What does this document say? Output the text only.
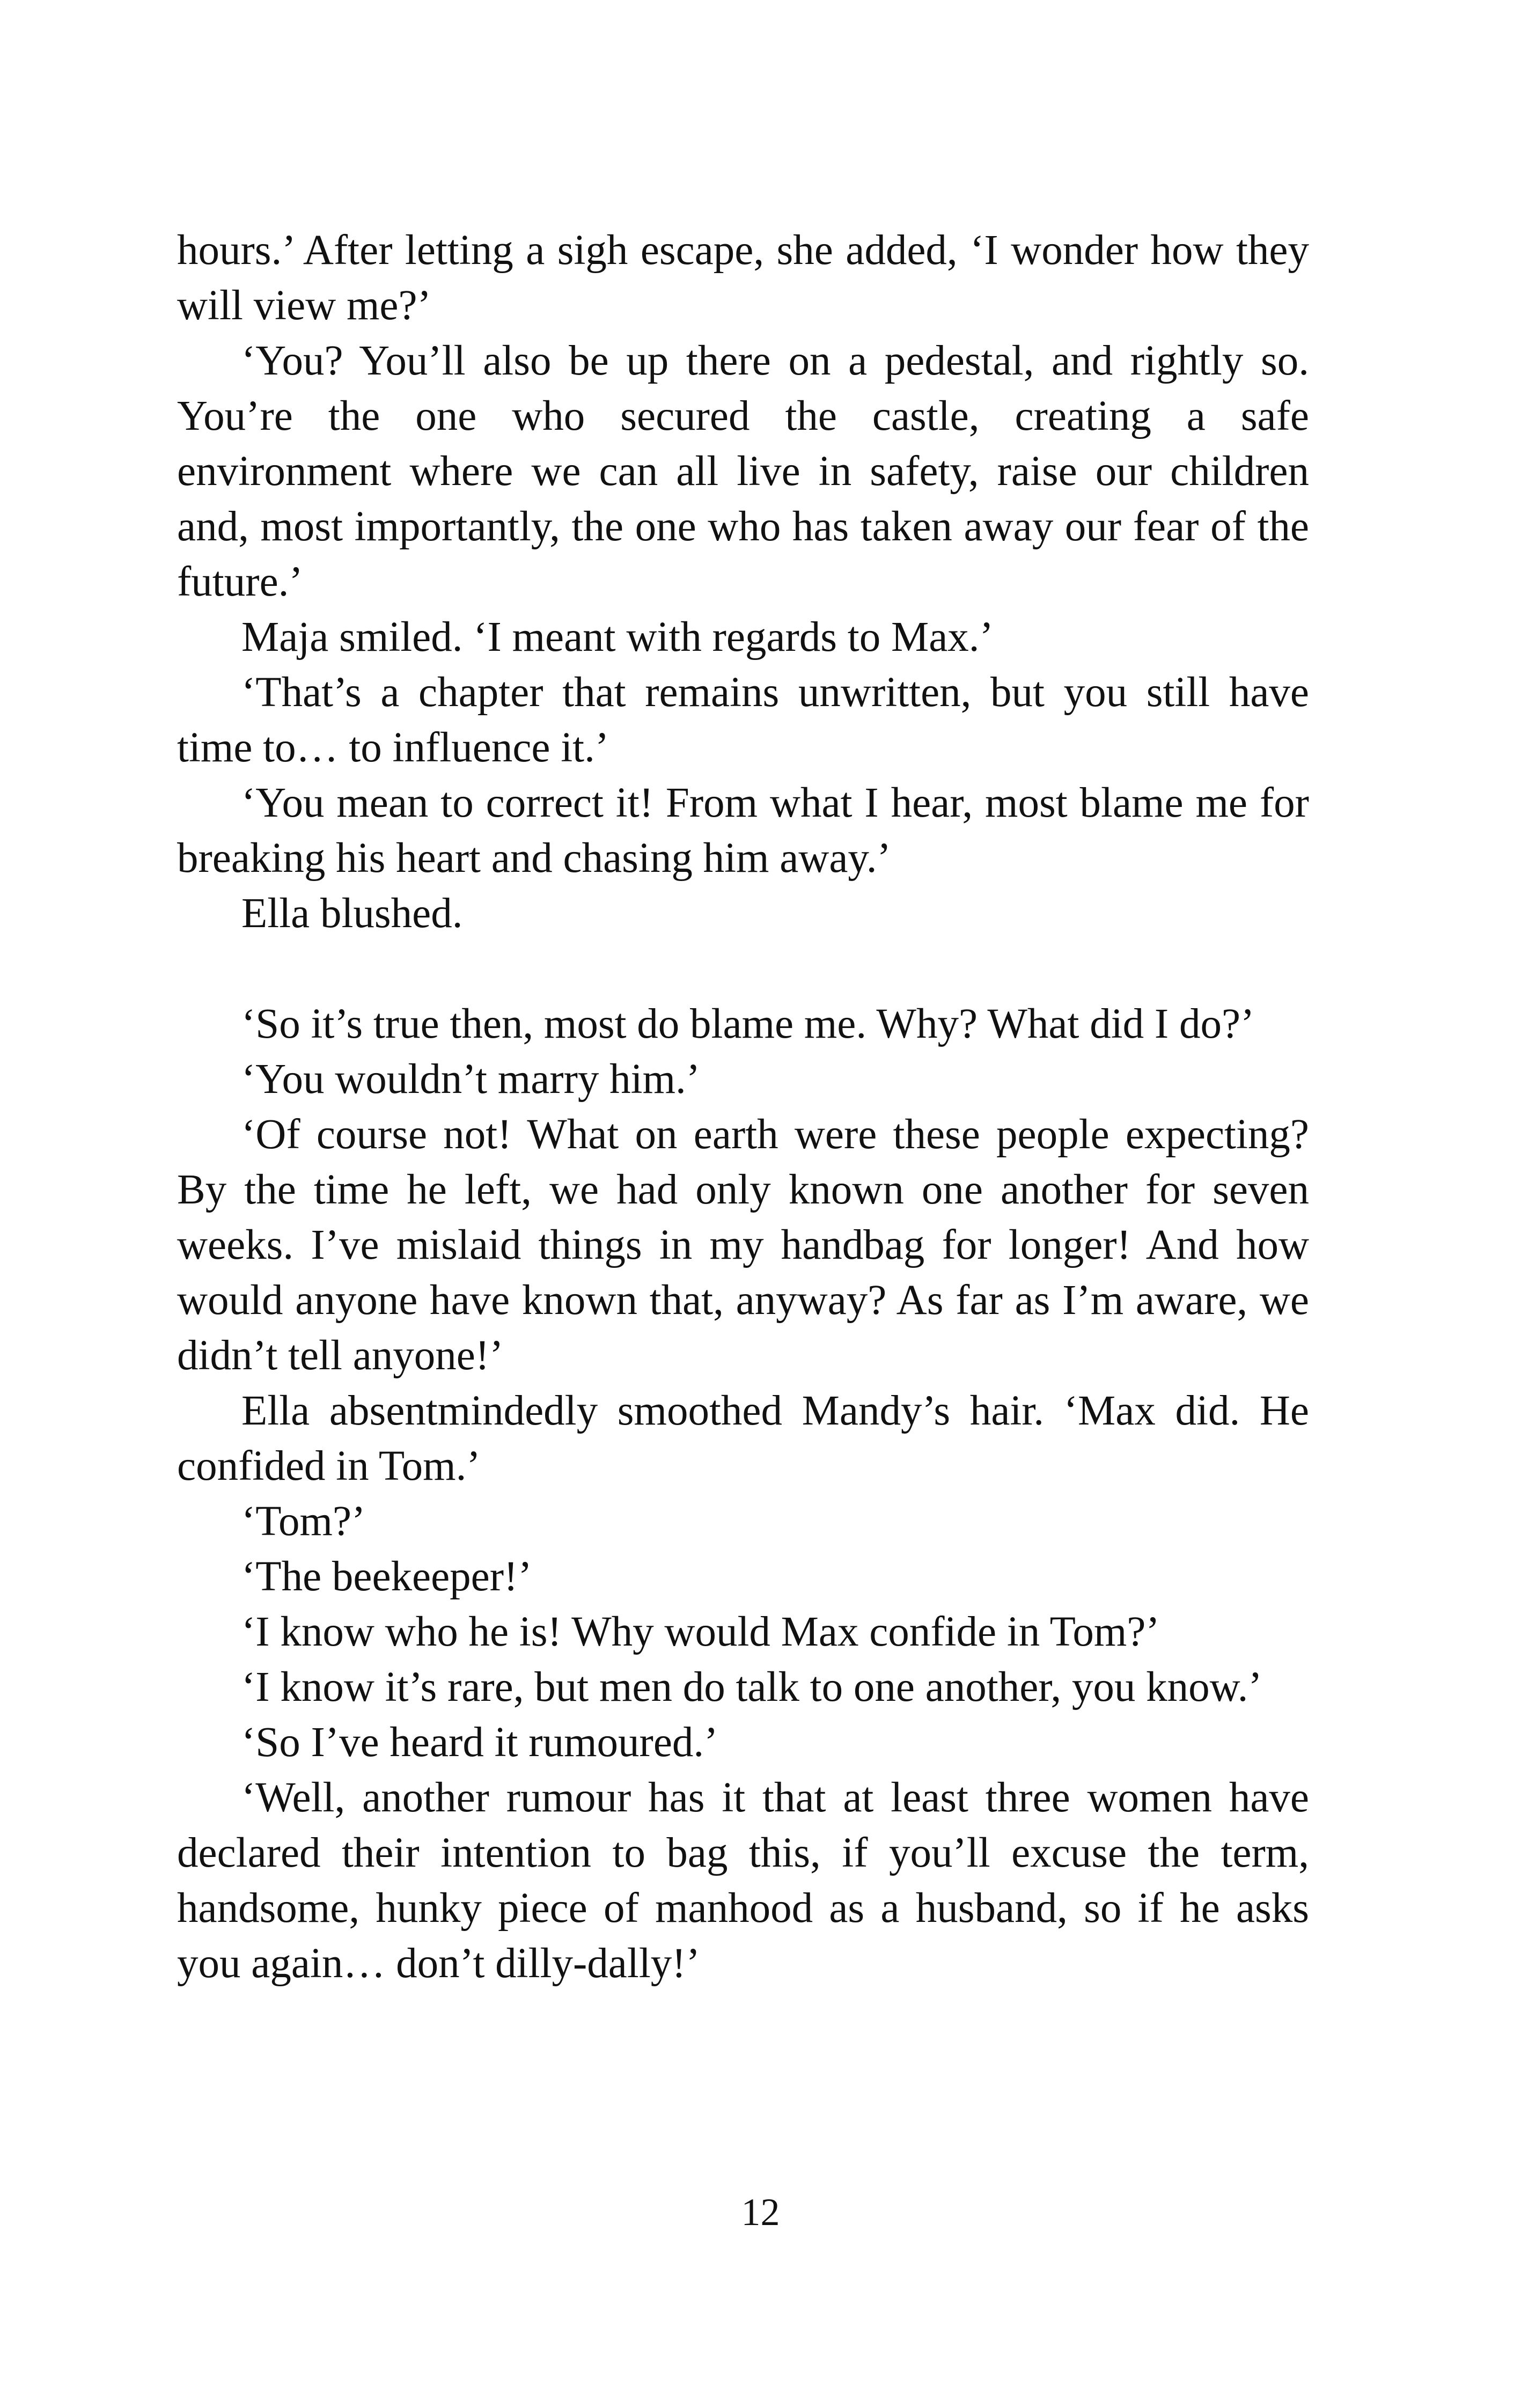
hours.’ After letting a sigh escape, she added, ‘I wonder how they will view me?’

‘You? You’ll also be up there on a pedestal, and rightly so. You’re the one who secured the castle, creating a safe environment where we can all live in safety, raise our children and, most importantly, the one who has taken away our fear of the future.’

Maja smiled. ‘I meant with regards to Max.’

‘That’s a chapter that remains unwritten, but you still have time to… to influence it.’

‘You mean to correct it! From what I hear, most blame me for breaking his heart and chasing him away.’

Ella blushed.

‘So it’s true then, most do blame me. Why? What did I do?’

‘You wouldn’t marry him.’

‘Of course not! What on earth were these people expecting? By the time he left, we had only known one another for seven weeks. I’ve mislaid things in my handbag for longer! And how would anyone have known that, anyway? As far as I’m aware, we didn’t tell anyone!’

Ella absentmindedly smoothed Mandy’s hair. ‘Max did. He confided in Tom.’

‘Tom?’

‘The beekeeper!’

‘I know who he is! Why would Max confide in Tom?’

‘I know it’s rare, but men do talk to one another, you know.’

‘So I’ve heard it rumoured.’

‘Well, another rumour has it that at least three women have declared their intention to bag this, if you’ll excuse the term, handsome, hunky piece of manhood as a husband, so if he asks you again… don’t dilly-dally!’

12
